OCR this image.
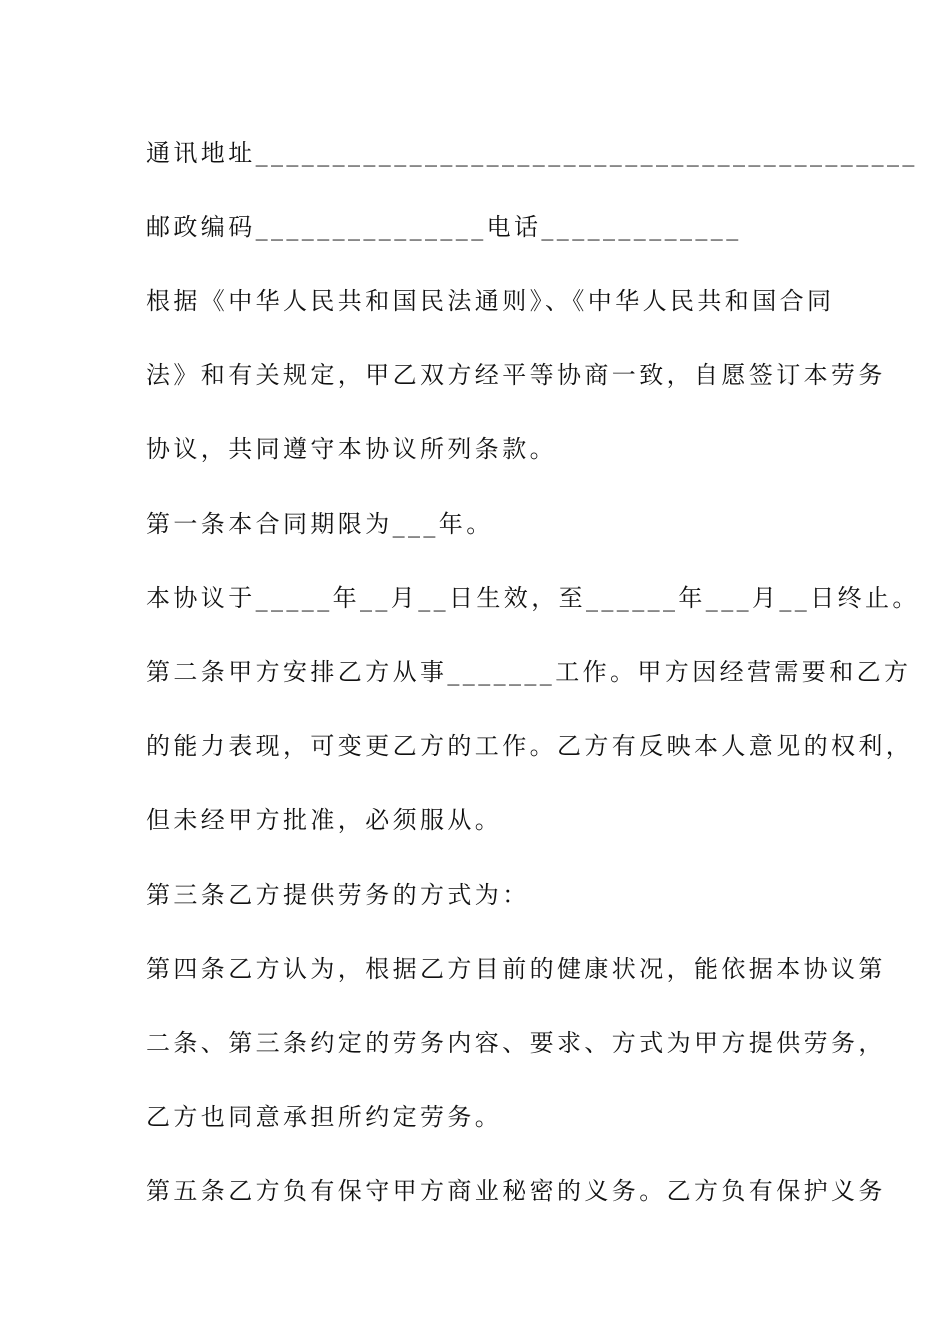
通讯地址___________________________________________
邮政编码_______________电话_____________
根据《中华人民共和国民法通则》、《中华人民共和国合同
法》和有关规定，甲乙双方经平等协商一致，自愿签订本劳务
协议，共同遵守本协议所列条款。
第一条本合同期限为___年。
本协议于_____年__月__日生效，至______年___月__日终止。
第二条甲方安排乙方从事_______工作。甲方因经营需要和乙方
的能力表现，可变更乙方的工作。乙方有反映本人意见的权利，
但未经甲方批准，必须服从。
第三条乙方提供劳务的方式为：
第四条乙方认为，根据乙方目前的健康状况，能依据本协议第
二条、第三条约定的劳务内容、要求、方式为甲方提供劳务，
乙方也同意承担所约定劳务。
第五条乙方负有保守甲方商业秘密的义务。乙方负有保护义务
